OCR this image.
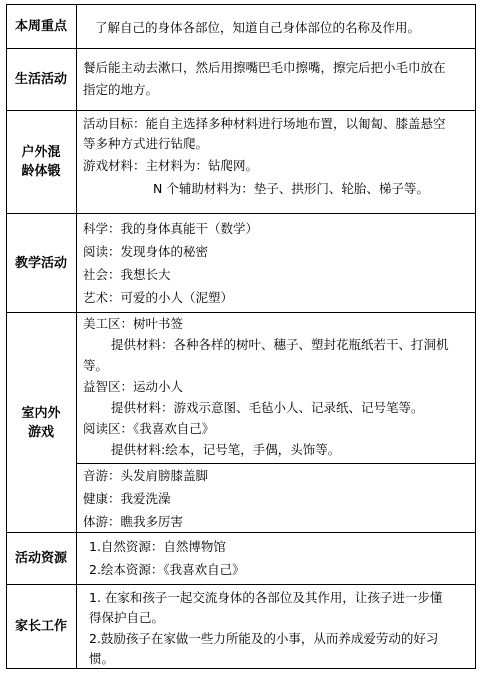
本周重点 了解自己的身体各部位，知道自己身体部位的名称及作用。
生活活动
餐后能主动去漱口，然后用擦嘴巴毛巾擦嘴，擦完后把小毛巾放在
指定的地方。
户外混
龄体锻
活动目标：能自主选择多种材料进行场地布置，以匍匐、膝盖悬空
等多种方式进行钻爬。
游戏材料：主材料为：钻爬网。
N 个辅助材料为：垫子、拱形门、轮胎、梯子等。
教学活动
科学：我的身体真能干（数学）
阅读：发现身体的秘密
社会：我想长大
艺术：可爱的小人（泥塑）
室内外
游戏
美工区：树叶书签
提供材料：各种各样的树叶、穗子、塑封花瓶纸若干、打洞机
等。
益智区：运动小人
提供材料：游戏示意图、毛毡小人、记录纸、记号笔等。
阅读区：《我喜欢自己》
提供材料:绘本，记号笔，手偶，头饰等。
音游：头发肩膀膝盖脚
健康：我爱洗澡
体游：瞧我多厉害
活动资源
1.自然资源：自然博物馆
2.绘本资源：《我喜欢自己》
家长工作
1. 在家和孩子一起交流身体的各部位及其作用，让孩子进一步懂
得保护自己。
2.鼓励孩子在家做一些力所能及的小事，从而养成爱劳动的好习
惯。
